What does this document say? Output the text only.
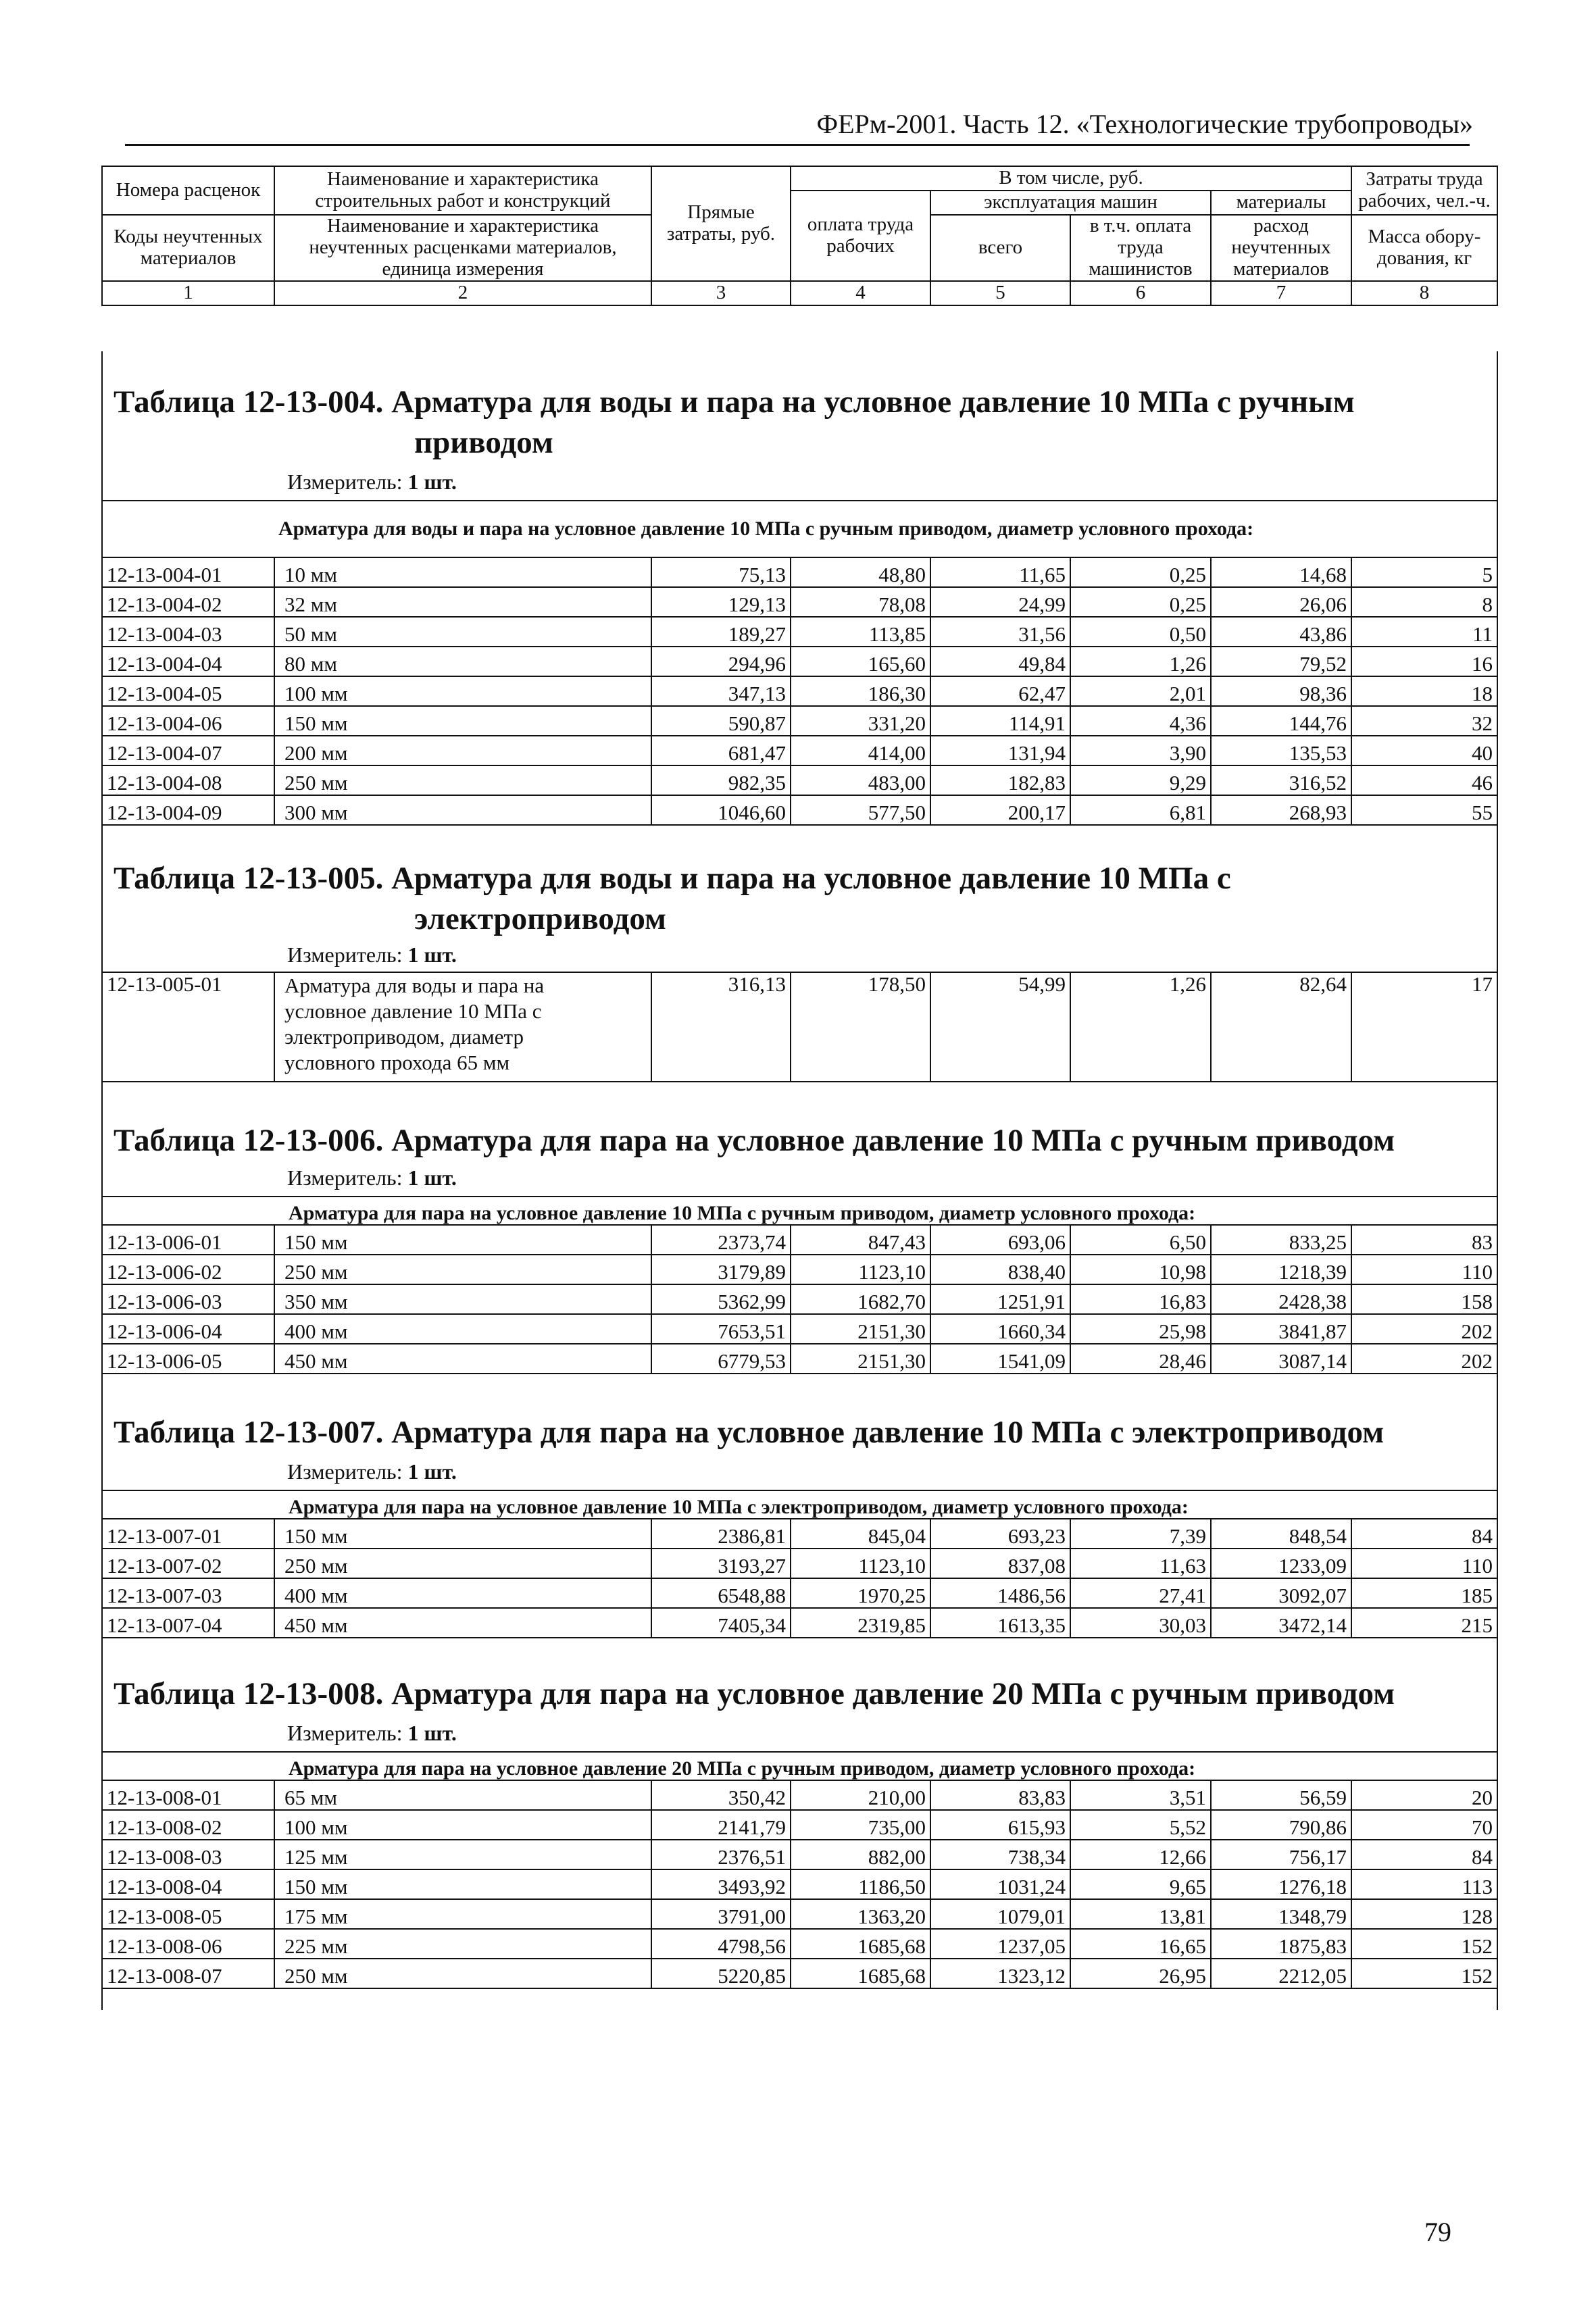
ФЕРм-2001. Часть 12. «Технологические трубопроводы»
Номера расценок	Наименование и характеристика строительных работ и конструкций	Прямые затраты, руб.	В том числе, руб.				Затраты труда рабочих, чел.-ч.
			оплата труда рабочих	эксплуатация машин		материалы	
Коды неучтенных материалов	Наименование и характеристика неучтенных расценками материалов, единица измерения			всего	в т.ч. оплата труда машинистов	расход неучтенных материалов	
							Масса обору-дования, кг
1	2	3	4	5	6	7	8
Таблица 12-13-004. Арматура для воды и пара на условное давление 10 МПа с ручным
приводом
Измеритель: 1 шт.
Арматура для воды и пара на условное давление 10 МПа с ручным приводом, диаметр условного прохода:							
12-13-004-01	10 мм	75,13	48,80	11,65	0,25	14,68	5
12-13-004-02	32 мм	129,13	78,08	24,99	0,25	26,06	8
12-13-004-03	50 мм	189,27	113,85	31,56	0,50	43,86	11
12-13-004-04	80 мм	294,96	165,60	49,84	1,26	79,52	16
12-13-004-05	100 мм	347,13	186,30	62,47	2,01	98,36	18
12-13-004-06	150 мм	590,87	331,20	114,91	4,36	144,76	32
12-13-004-07	200 мм	681,47	414,00	131,94	3,90	135,53	40
12-13-004-08	250 мм	982,35	483,00	182,83	9,29	316,52	46
12-13-004-09	300 мм	1046,60	577,50	200,17	6,81	268,93	55
Таблица 12-13-005. Арматура для воды и пара на условное давление 10 МПа с
электроприводом
Измеритель: 1 шт.
12-13-005-01	Арматура для воды и пара на условное давление 10 МПа с электроприводом, диаметр условного прохода 65 мм	316,13	178,50	54,99	1,26	82,64	17
Таблица 12-13-006. Арматура для пара на условное давление 10 МПа с ручным приводом
Измеритель: 1 шт.
Арматура для пара на условное давление 10 МПа с ручным приводом, диаметр условного прохода:							
12-13-006-01	150 мм	2373,74	847,43	693,06	6,50	833,25	83
12-13-006-02	250 мм	3179,89	1123,10	838,40	10,98	1218,39	110
12-13-006-03	350 мм	5362,99	1682,70	1251,91	16,83	2428,38	158
12-13-006-04	400 мм	7653,51	2151,30	1660,34	25,98	3841,87	202
12-13-006-05	450 мм	6779,53	2151,30	1541,09	28,46	3087,14	202
Таблица 12-13-007. Арматура для пара на условное давление 10 МПа с электроприводом
Измеритель: 1 шт.
Арматура для пара на условное давление 10 МПа с электроприводом, диаметр условного прохода:							
12-13-007-01	150 мм	2386,81	845,04	693,23	7,39	848,54	84
12-13-007-02	250 мм	3193,27	1123,10	837,08	11,63	1233,09	110
12-13-007-03	400 мм	6548,88	1970,25	1486,56	27,41	3092,07	185
12-13-007-04	450 мм	7405,34	2319,85	1613,35	30,03	3472,14	215
Таблица 12-13-008. Арматура для пара на условное давление 20 МПа с ручным приводом
Измеритель: 1 шт.
Арматура для пара на условное давление 20 МПа с ручным приводом, диаметр условного прохода:							
12-13-008-01	65 мм	350,42	210,00	83,83	3,51	56,59	20
12-13-008-02	100 мм	2141,79	735,00	615,93	5,52	790,86	70
12-13-008-03	125 мм	2376,51	882,00	738,34	12,66	756,17	84
12-13-008-04	150 мм	3493,92	1186,50	1031,24	9,65	1276,18	113
12-13-008-05	175 мм	3791,00	1363,20	1079,01	13,81	1348,79	128
12-13-008-06	225 мм	4798,56	1685,68	1237,05	16,65	1875,83	152
12-13-008-07	250 мм	5220,85	1685,68	1323,12	26,95	2212,05	152
79
